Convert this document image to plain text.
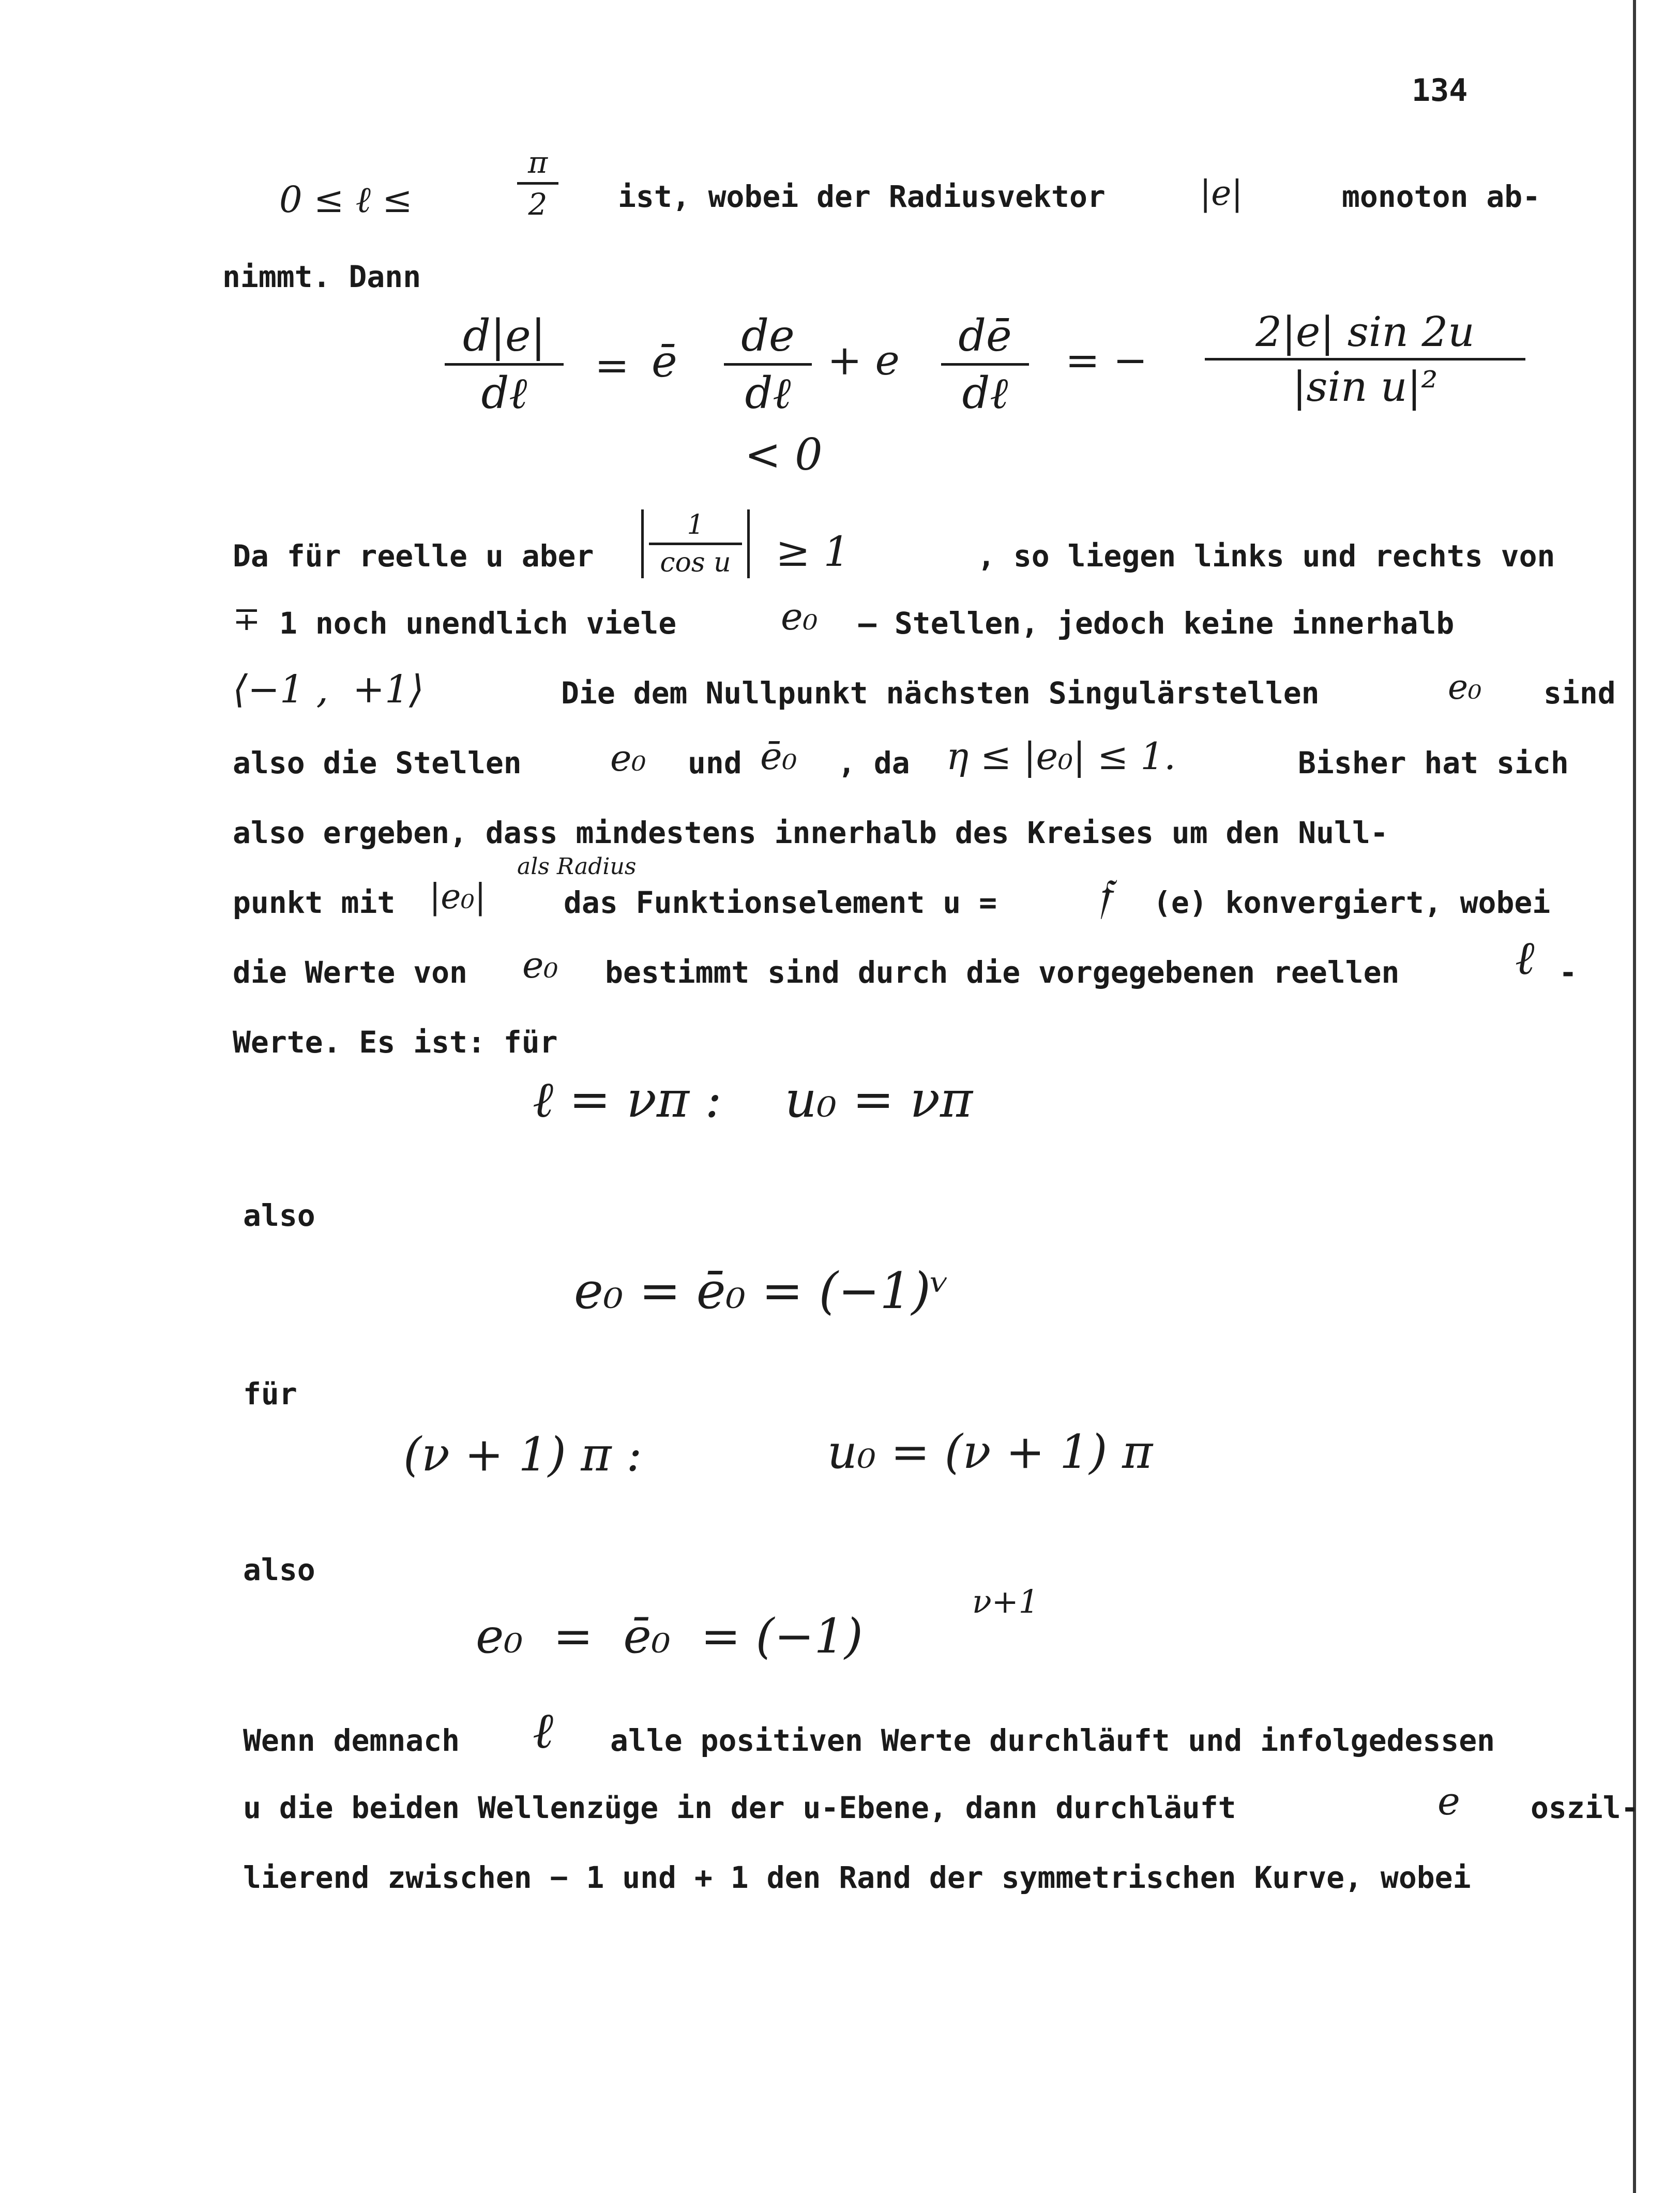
134
0 ≤ ℓ ≤
π
2	ist, wobei der Radiusvektor	|e|	monoton ab-
nimmt. Dann
d|e|
dℓ
= ē
de
dℓ
+ e	dē
dℓ
= −
2|e| sin 2u
|sin u|²
< 0
Da für reelle u aber
1
cos u ≥ 1	, so liegen links und rechts von
∓ 1 noch unendlich viele	e₀ — Stellen, jedoch keine innerhalb
⟨−1 ,  +1⟩	Die dem Nullpunkt nächsten Singulärstellen	e₀ sind
also die Stellen e₀ und ē₀ , da η ≤ |e₀| ≤ 1.	Bisher hat sich
also ergeben, dass mindestens innerhalb des Kreises um den Null-
als Radius
punkt mit |e₀|	das Funktionselement u = 𝔣 (e) konvergiert, wobei
die Werte von e₀ bestimmt sind durch die vorgegebenen reellen ℓ -
Werte. Es ist: für
ℓ = νπ :    u₀ = νπ
also
e₀ = ē₀ = (−1)ᵛ
für
(ν + 1) π :	u₀ = (ν + 1) π
also
e₀  =  ē₀  = (−1)
ν+1
Wenn demnach ℓ alle positiven Werte durchläuft und infolgedessen
u die beiden Wellenzüge in der u-Ebene, dann durchläuft	e oszil-
lierend zwischen − 1 und + 1 den Rand der symmetrischen Kurve, wobei
